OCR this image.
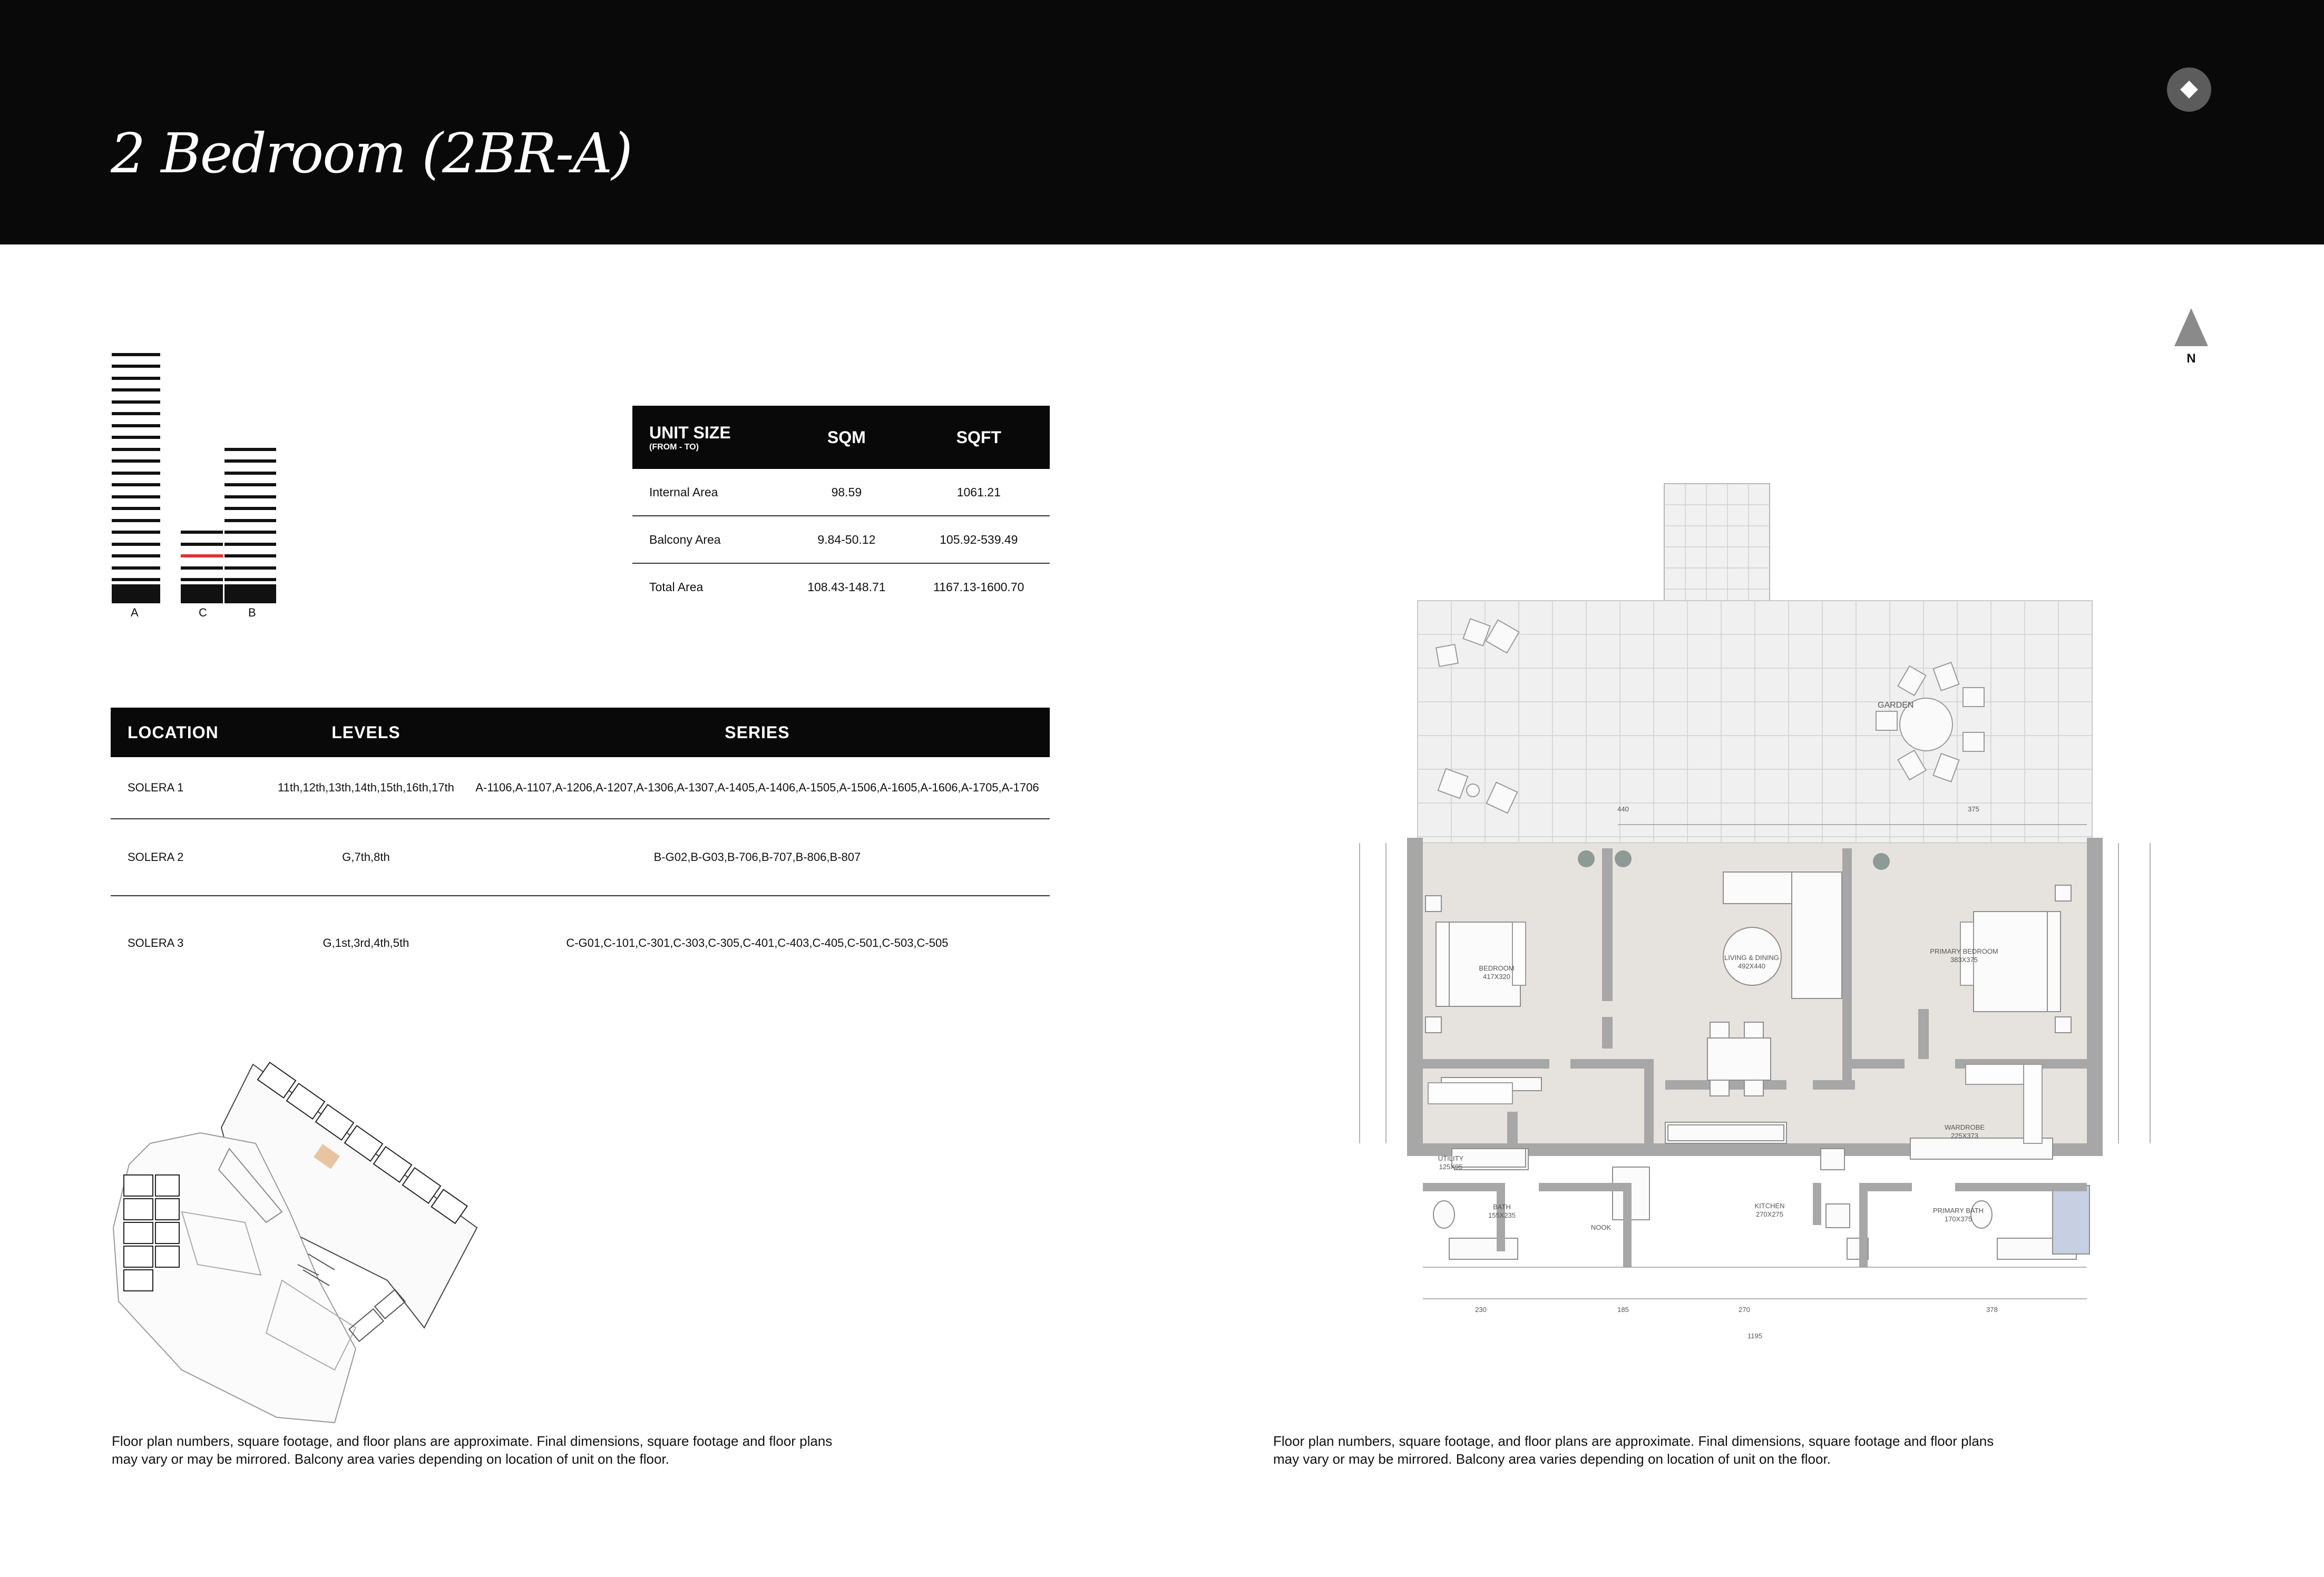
2 Bedroom (2BR-A)
A	C	B
UNIT SIZE
(FROM - TO)	SQM	SQFT
Internal Area	98.59	1061.21
Balcony Area	9.84-50.12	105.92-539.49
Total Area	108.43-148.71	1167.13-1600.70
LOCATION	LEVELS	SERIES
SOLERA 1	11th,12th,13th,14th,15th,16th,17th	A-1106,A-1107,A-1206,A-1207,A-1306,A-1307,A-1405,A-1406,A-1505,A-1506,A-1605,A-1606,A-1705,A-1706
SOLERA 2	G,7th,8th	B-G02,B-G03,B-706,B-707,B-806,B-807
SOLERA 3	G,1st,3rd,4th,5th	C-G01,C-101,C-301,C-303,C-305,C-401,C-403,C-405,C-501,C-503,C-505
N
GARDEN
BEDROOM
417X320
LIVING & DINING
492X440
PRIMARY BEDROOM
383X375
WARDROBE
225X373
UTILITY
125X95
BATH
155X235
NOOK
KITCHEN
270X275	PRIMARY BATH
170X375
230	185	270	378
1195
440	375
Floor plan numbers, square footage, and floor plans are approximate. Final dimensions, square footage and floor plans may vary or may be mirrored. Balcony area varies depending on location of unit on the floor.
Floor plan numbers, square footage, and floor plans are approximate. Final dimensions, square footage and floor plans may vary or may be mirrored. Balcony area varies depending on location of unit on the floor.
